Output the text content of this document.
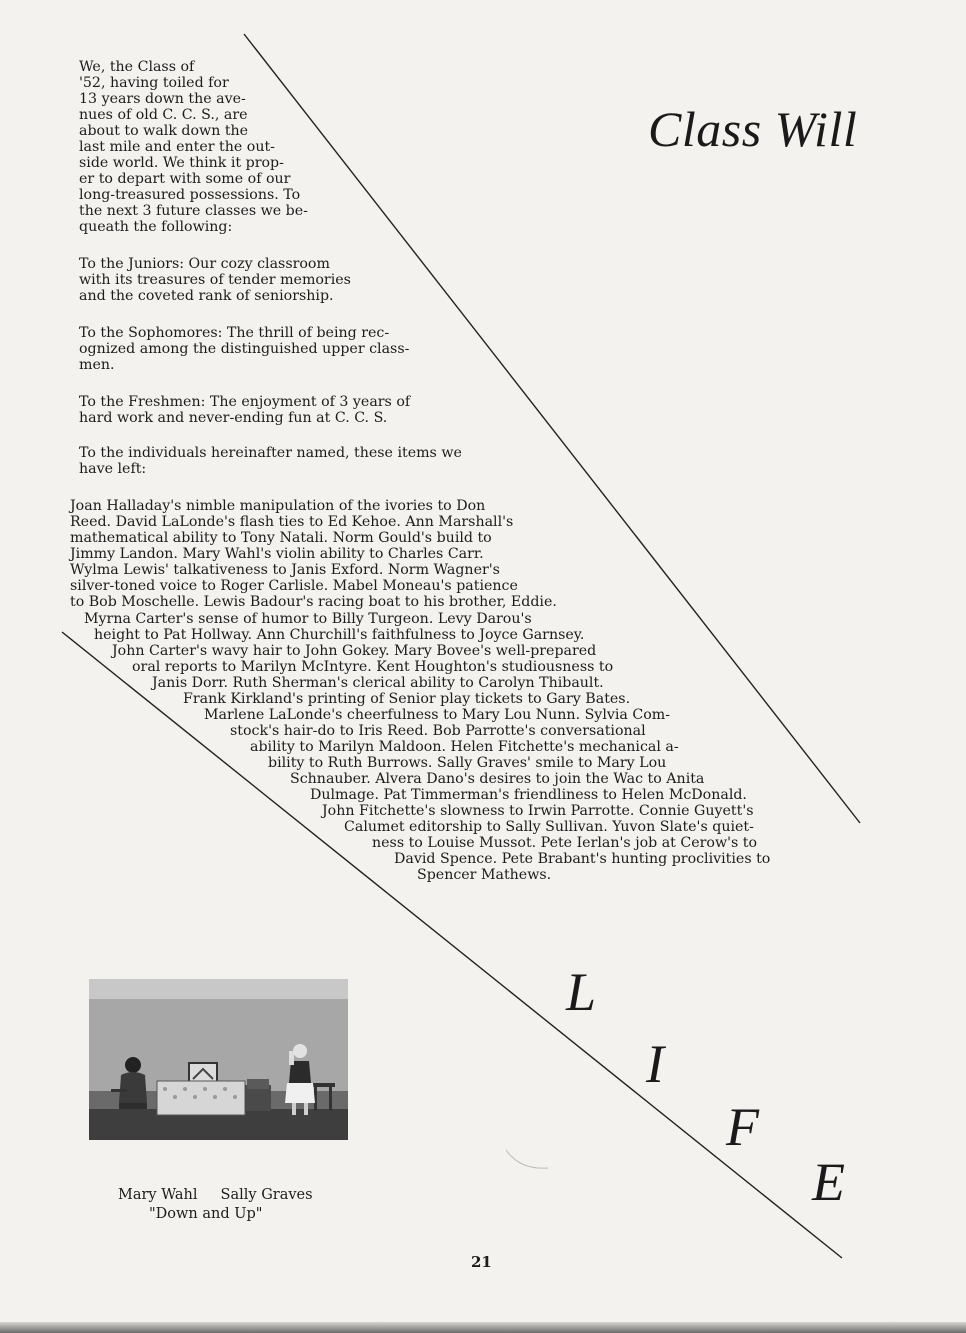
Class Will
We, the Class of
'52, having toiled for
13 years down the ave-
nues of old C. C. S., are
about to walk down the
last mile and enter the out-
side world. We think it prop-
er to depart with some of our
long-treasured possessions. To
the next 3 future classes we be-
queath the following:
To the Juniors: Our cozy classroom
with its treasures of tender memories
and the coveted rank of seniorship.
To the Sophomores: The thrill of being rec-
ognized among the distinguished upper class-
men.
To the Freshmen: The enjoyment of 3 years of
hard work and never-ending fun at C. C. S.
To the individuals hereinafter named, these items we
have left:
Joan Halladay's nimble manipulation of the ivories to Don
Reed. David LaLonde's flash ties to Ed Kehoe. Ann Marshall's
mathematical ability to Tony Natali. Norm Gould's build to
Jimmy Landon. Mary Wahl's violin ability to Charles Carr.
Wylma Lewis' talkativeness to Janis Exford. Norm Wagner's
silver-toned voice to Roger Carlisle. Mabel Moneau's patience
to Bob Moschelle. Lewis Badour's racing boat to his brother, Eddie.
Myrna Carter's sense of humor to Billy Turgeon. Levy Darou's
height to Pat Hollway. Ann Churchill's faithfulness to Joyce Garnsey.
John Carter's wavy hair to John Gokey. Mary Bovee's well-prepared
oral reports to Marilyn McIntyre. Kent Houghton's studiousness to
Janis Dorr. Ruth Sherman's clerical ability to Carolyn Thibault.
Frank Kirkland's printing of Senior play tickets to Gary Bates.
Marlene LaLonde's cheerfulness to Mary Lou Nunn. Sylvia Com-
stock's hair-do to Iris Reed. Bob Parrotte's conversational
ability to Marilyn Maldoon. Helen Fitchette's mechanical a-
bility to Ruth Burrows. Sally Graves' smile to Mary Lou
Schnauber. Alvera Dano's desires to join the Wac to Anita
Dulmage. Pat Timmerman's friendliness to Helen McDonald.
John Fitchette's slowness to Irwin Parrotte. Connie Guyett's
Calumet editorship to Sally Sullivan. Yuvon Slate's quiet-
ness to Louise Mussot. Pete Ierlan's job at Cerow's to
David Spence. Pete Brabant's hunting proclivities to
Spencer Mathews.
L
I
F
E
Mary Wahl     Sally Graves
"Down and Up"
21
